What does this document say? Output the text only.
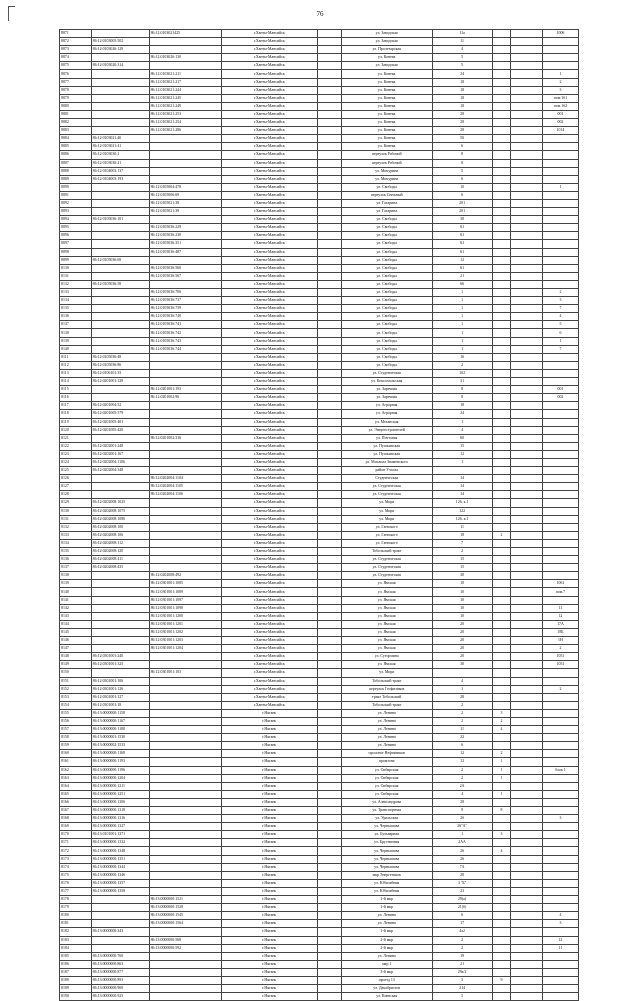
76
8871		86:12:0103021425	г.Ханты-Мансийск		ул. Заводская	11а			1006
8872	86:12:0103005:502		г.Ханты-Мансийск		ул. Заводская	11			
8873	86:12:0103026:129		г.Ханты-Мансийск		ул. Пролетарская	4			
8874		86:12:0103026:130	г.Ханты-Мансийск		ул. Конева	5			
8875	86:12:0103020:314		г.Ханты-Мансийск		ул. Заводская	5			
8876		86:12:0103021:211	г.Ханты-Мансийск		ул. Конева	24			1
8877		86:12:0103021:217	г.Ханты-Мансийск		ул. Конева	18			2
8878		86:12:0103021:244	г.Ханты-Мансийск		ул. Конева	18			3
8879		86:12:0103021:245	г.Ханты-Мансийск		ул. Конева	18			пом.1б1
8880		86:12:0103021:249	г.Ханты-Мансийск		ул. Конева	18			пом.1б2
8881		86:12:0103021:253	г.Ханты-Мансийск		ул. Конева	28			001
8882		86:12:0103021:254	г.Ханты-Мансийск		ул. Конева	28			002
8883		86:12:0103021:286	г.Ханты-Мансийск		ул. Конева	28			1014
8884	86:12:0103021:40		г.Ханты-Мансийск		ул. Конева	50			
8885	86:12:0103021:41		г.Ханты-Мансийск		ул. Конева	6			
8886	86:12:0103030:2		г.Ханты-Мансийск		переулок Рабочий	8			
8887	86:12:0103030:21		г.Ханты-Мансийск		переулок Рабочий	8			
8888	86:12:0104003:137		г.Ханты-Мансийск		ул. Мичурина	5			
8889	86:12:0104003:193		г.Ханты-Мансийск		ул. Мичурина	6			
8890		86:12:0105004:478	г.Ханты-Мансийск		ул. Свободы	10			1
8891		86:12:0105006:69	г.Ханты-Мансийск		переулок Снежный	6			
8892		86:12:0105021:38	г.Ханты-Мансийск		ул. Гагарина	201			
8893		86:12:0105021:39	г.Ханты-Мансийск		ул. Гагарина	201			
8894	86:12:0105036:101		г.Ханты-Мансийск		ул. Свободы	38			
8895		86:12:0105036:229	г.Ханты-Мансийск		ул. Свободы	61			
8896		86:12:0105036:230	г.Ханты-Мансийск		ул. Свободы	61			
8897		86:12:0105036:351	г.Ханты-Мансийск		ул. Свободы	61			
8898		86:12:0105036:487	г.Ханты-Мансийск		ул. Свободы	61			
8899	86:12:0105036:69		г.Ханты-Мансийск		ул. Свободы	12			
8130		86:12:0105036:560	г.Ханты-Мансийск		ул. Свободы	61			
8131		86:12:0105036:567	г.Ханты-Мансийск		ул. Свободы	21			
8132	86:12:0105036:58		г.Ханты-Мансийск		ул. Свободы	66			
8133		86:12:0105036:706	г.Ханты-Мансийск		ул. Свободы	1			2
8134		86:12:0105036:737	г.Ханты-Мансийск		ул. Свободы	1			3
8135		86:12:0105036:739	г.Ханты-Мансийск		ул. Свободы	1			7
8136		86:12:0105036:740	г.Ханты-Мансийск		ул. Свободы	1			4
8137		86:12:0105036:741	г.Ханты-Мансийск		ул. Свободы	1			5
8138		86:12:0105036:742	г.Ханты-Мансийск		ул. Свободы	1			6
8139		86:12:0105036:743	г.Ханты-Мансийск		ул. Свободы	1			1
8140		86:12:0105036:744	г.Ханты-Мансийск		ул. Свободы	1			7
8111	86:12:0105036:48		г.Ханты-Мансийск		ул. Свободы	16			
8112	86:12:0105036:86		г.Ханты-Мансийск		ул. Свободы	2			
8113	86:12:0106101:33		г.Ханты-Мансийск		ул. Студенческая	102			
8114	86:12:0201001:128		г.Ханты-Мансийск		ул. Комсомольская	31			
8115		86:12:0201001:193	г.Ханты-Мансийск		ул. Заречная	8			001
8116		86:12:0201002:96	г.Ханты-Мансийск		ул. Заречная	8			002
8117	86:12:0201004:52		г.Ханты-Мансийск		ул. Аграрная	18			
8118	86:12:0201005:579		г.Ханты-Мансийск		ул. Аграрная	24			
8119	86:12:0201005:401		г.Ханты-Мансийск		ул. Механская	1			
8120	86:12:0201005:420		г.Ханты-Мансийск		ул. Энергостроителей	4			
8121		86:12:0201002:316	г.Ханты-Мансийск		ул. Почтовая	60			
8122	86:12:0202001:248		г.Ханты-Мансийск		ул. Пушкинская	15			
8123	86:12:0202001:167		г.Ханты-Мансийск		ул. Пушкинская	12			
8124	86:12:0202004:1106		г.Ханты-Мансийск		ул. Михаила Знаменского	1			
8125	86:12:0202004:348		г.Ханты-Мансийск		район Учхоза				
8126		86:12:0202004:1104	г.Ханты-Мансийск		Студенческая	14			
8127		86:12:0202004:1105	г.Ханты-Мансийск		ул. Студенческая	14			
8128		86:12:0202004:1106	г.Ханты-Мансийск		ул. Студенческая	14			
8129	86:12:0202008:1025		г.Ханты-Мансийск		ул. Мира	126, к.1			
8130	86:12:0202008:1075		г.Ханты-Мансийск		ул. Мира	122			
8131	86:12:0202008:1080		г.Ханты-Мансийск		ул. Мира	126, к.1			
8132	86:12:0202008:100		г.Ханты-Мансийск		ул. Гаевского	11			
8133	86:12:0202008:106		г.Ханты-Мансийск		ул. Гаевского	18	2		
8134	86:12:0202008:112		г.Ханты-Мансийск		ул. Гаевского	7			
8135	86:12:0202008:120		г.Ханты-Мансийск		Тобольский тракт	2			
8136	86:12:0202008:411		г.Ханты-Мансийск		ул. Студенческая	15			
8137	86:12:0202008:435		г.Ханты-Мансийск		ул. Студенческая	15			
8138		86:12:0202008:492	г.Ханты-Мансийск		ул. Студенческая	30			
8139		86:12:0301001:1085	г.Ханты-Мансийск		ул. Ямская	10			1061
8140		86:12:0301001:1089	г.Ханты-Мансийск		ул. Ямская	10			пом.7
8141		86:12:0301001:1097	г.Ханты-Мансийск		ул. Ямская	10			
8142		86:12:0301001:1098	г.Ханты-Мансийск		ул. Ямская	10			11
8143		86:12:0301001:1200	г.Ханты-Мансийск		ул. Ямская	10			12
8144		86:12:0301001:1201	г.Ханты-Мансийск		ул. Ямская	20			17А
8145		86:12:0301001:1202	г.Ханты-Мансийск		ул. Ямская	20			18Б
8146		86:12:0301001:1203	г.Ханты-Мансийск		ул. Ямская	20			1Н
8147		86:12:0301001:1204	г.Ханты-Мансийск		ул. Ямская	20			2
8148	86:12:0301001:240		г.Ханты-Мансийск		ул. Сутормина	20			1051
8149	86:12:0301001:325		г.Ханты-Мансийск		ул. Ямская	30			1051
8150		86:12:0301001:103	г.Ханты-Мансийск		ул. Мира				
8151	86:12:0301001:106		г.Ханты-Мансийск		Тобольский тракт	4			
8152	86:12:0301001:126		г.Ханты-Мансийск		переулок Геофизиков	1			2
8153	86:12:0301001:127		г.Ханты-Мансийск		тракт Тобольский	28			
8154	86:12:0301001:18		г.Ханты-Мансийск		Тобольский тракт	2			
8155	86:13:0000000:1158		г.Нягань		ул. Ленина	2	3		
8156	86:13:0000000:1167		г.Нягань		ул. Ленина	2	2		
8157	86:13:0000000:1188		г.Нягань		ул. Ленина	11	4		
8158	86:13:0000001:1530		г.Нягань		ул. Ленина	22			
8159	86:13:0000002:1533		г.Нягань		ул. Ленина	6			
8160	86:13:0000000:1168		г.Нягань		проспект Нефтяников	12	2		
8161	86:13:0000000:1193		г.Нягань		промзона	12	1		
8162	86:13:0000000:1196		г.Нягань		ул. Сибирская	2	1		блок 1
8163	86:13:0000000:1204		г.Нягань		ул. Сибирская	2	1		
8164	86:13:0000000:1211		г.Нягань		ул. Сибирская	2А			
8165	86:13:0000000:1251		г.Нягань		ул. Сибирская	4	1		
8166	86:13:0000000:1306		г.Нягань		ул. Александрова	28			
8167	86:13:0000000:1318		г.Нягань		ул. Транспортная	9	8		
8168	86:13:0000000:1316		г.Нягань		ул. Уральская	2б			3
8169	86:13:0000000:1327		г.Нягань		ул. Чернышова	26"А"			
8170	86:13:0101001:1371		г.Нягань		ул. Бульварная	1	3		
8171	86:13:0000000:1332		г.Нягань		ул. Брусничная	2АА			
8172	86:13:0000000:1348		г.Нягань		ул. Чернышова	26	4		
8173	86:13:0000000:1351		г.Нягань		ул. Чернышова	26			
8174	86:13:0000000:1344		г.Нягань		ул. Чернышова	7А			
8175	86:13:0000000:1346		г.Нягань		мкр Энергетиков	28			
8176	86:13:0000000:1357		г.Нягань		ул. Юбилейная	3 "Б"			
8177	86:13:0000000:1358		г.Нягань		ул. Юбилейная	23			
8178		86:13:0000000:1521	г.Нягань		1-й мкр	29(а)			
8179		86:13:0000000:1528	г.Нягань		1-й мкр	21(б)			
8180		86:13:0000000:1545	г.Нягань		ул. Ленина	6			4
8181		86:13:0000000:1564	г.Нягань		ул. Ленина	17			3
8182	86:13:0000000:343		г.Нягань		1-й мкр	4а2			
8183		86:13:0000000:568	г.Нягань		2-й мкр	2			12
8184		86:13:0000000:592	г.Нягань		2-й мкр	2			11
8185	86:13:0000000:760		г.Нягань		ул. Ленина	19			
8186	86:13:0000000:863		г.Нягань		мкр 1	21			
8187	86:13:0000000:877		г.Нягань		3-й мкр	29а/2			
8188	86:13:0000000:893		г.Нягань		проезд 13	3	9		
8189	86:13:0000000:900		г.Нягань		ул. Декабристов	214			
8190	86:13:0000000:925		г.Нягань		ул. Киевская	5			
